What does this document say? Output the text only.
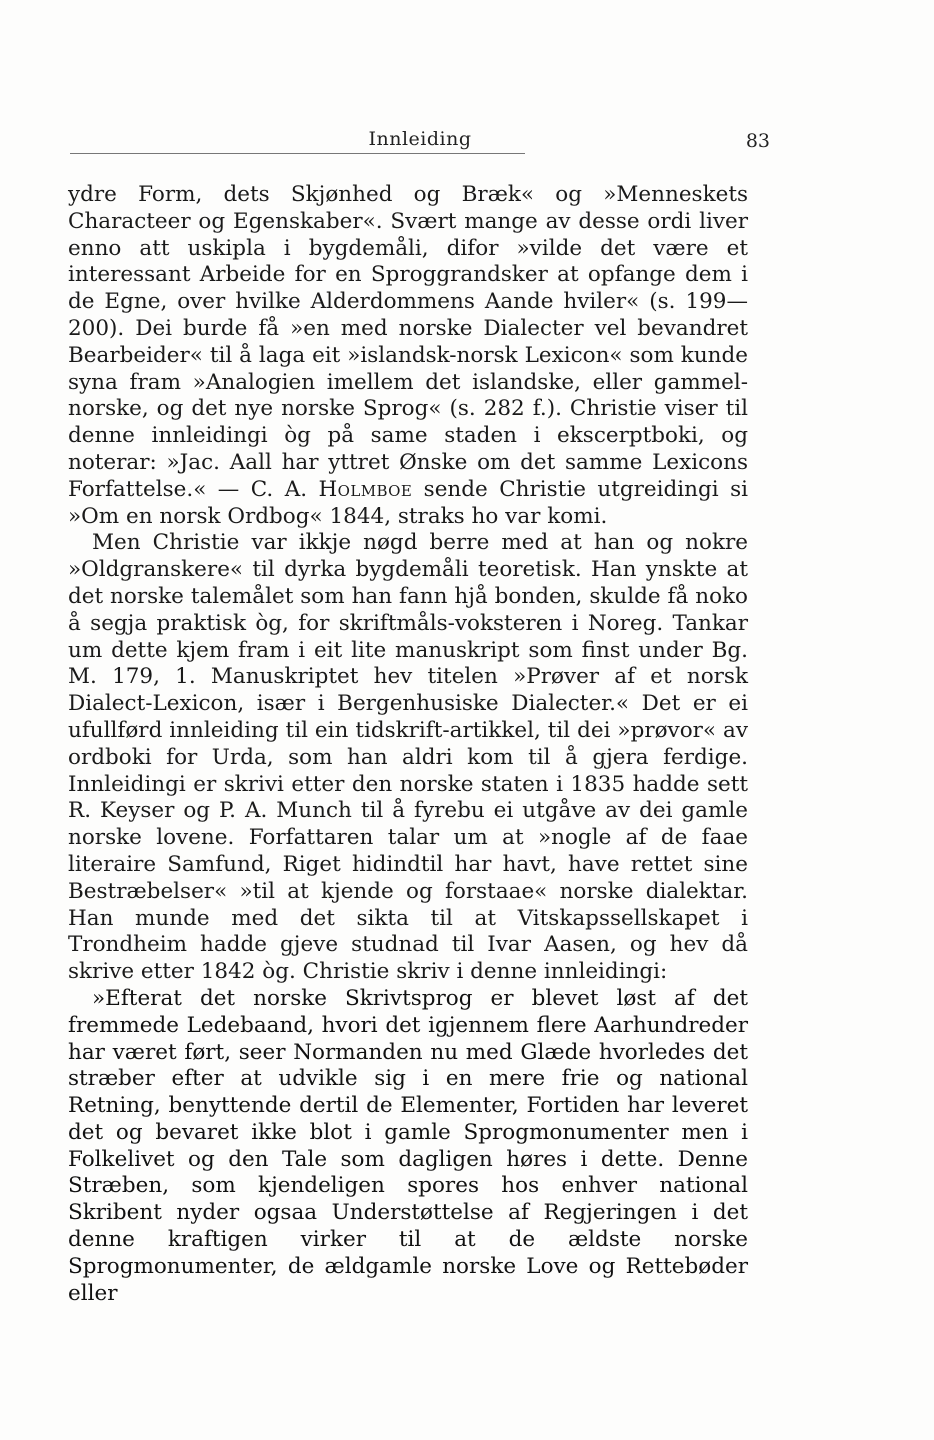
Innleiding	83

ydre Form, dets Skjønhed og Bræk« og »Menneskets Characteer og Egenskaber«. Svært mange av desse ordi liver enno att uskipla i bygdemåli, difor »vilde det være et interessant Arbeide for en Sproggrandsker at opfange dem i de Egne, over hvilke Alderdommens Aande hviler« (s. 199—200). Dei burde få »en med norske Dialecter vel bevandret Bearbeider« til å laga eit »islandsk-norsk Lexicon« som kunde syna fram »Analogien imellem det islandske, eller gammel-norske, og det nye norske Sprog« (s. 282 f.). Christie viser til denne innleidingi òg på same staden i ekscerptboki, og noterar: »Jac. Aall har yttret Ønske om det samme Lexicons Forfattelse.« — C. A. Holmboe sende Christie utgreidingi si »Om en norsk Ordbog« 1844, straks ho var komi.

Men Christie var ikkje nøgd berre med at han og nokre »Oldgranskere« til dyrka bygdemåli teoretisk. Han ynskte at det norske talemålet som han fann hjå bonden, skulde få noko å segja praktisk òg, for skriftmåls-voksteren i Noreg. Tankar um dette kjem fram i eit lite manuskript som finst under Bg. M. 179, 1. Manuskriptet hev titelen »Prøver af et norsk Dialect-Lexicon, især i Bergenhusiske Dialecter.« Det er ei ufullførd innleiding til ein tidskrift-artikkel, til dei »prøvor« av ordboki for Urda, som han aldri kom til å gjera ferdige. Innleidingi er skrivi etter den norske staten i 1835 hadde sett R. Keyser og P. A. Munch til å fyrebu ei utgåve av dei gamle norske lovene. Forfattaren talar um at »nogle af de faae literaire Samfund, Riget hidindtil har havt, have rettet sine Bestræbelser« »til at kjende og forstaae« norske dialektar. Han munde med det sikta til at Vitskapssellskapet i Trondheim hadde gjeve studnad til Ivar Aasen, og hev då skrive etter 1842 òg. Christie skriv i denne innleidingi:

»Efterat det norske Skrivtsprog er blevet løst af det fremmede Ledebaand, hvori det igjennem flere Aarhundreder har været ført, seer Normanden nu med Glæde hvorledes det stræber efter at udvikle sig i en mere frie og national Retning, benyttende dertil de Elementer, Fortiden har leveret det og bevaret ikke blot i gamle Sprogmonumenter men i Folkelivet og den Tale som dagligen høres i dette. Denne Stræben, som kjendeligen spores hos enhver national Skribent nyder ogsaa Understøttelse af Regjeringen i det denne kraftigen virker til at de ældste norske Sprogmonumenter, de ældgamle norske Love og Rettebøder eller
